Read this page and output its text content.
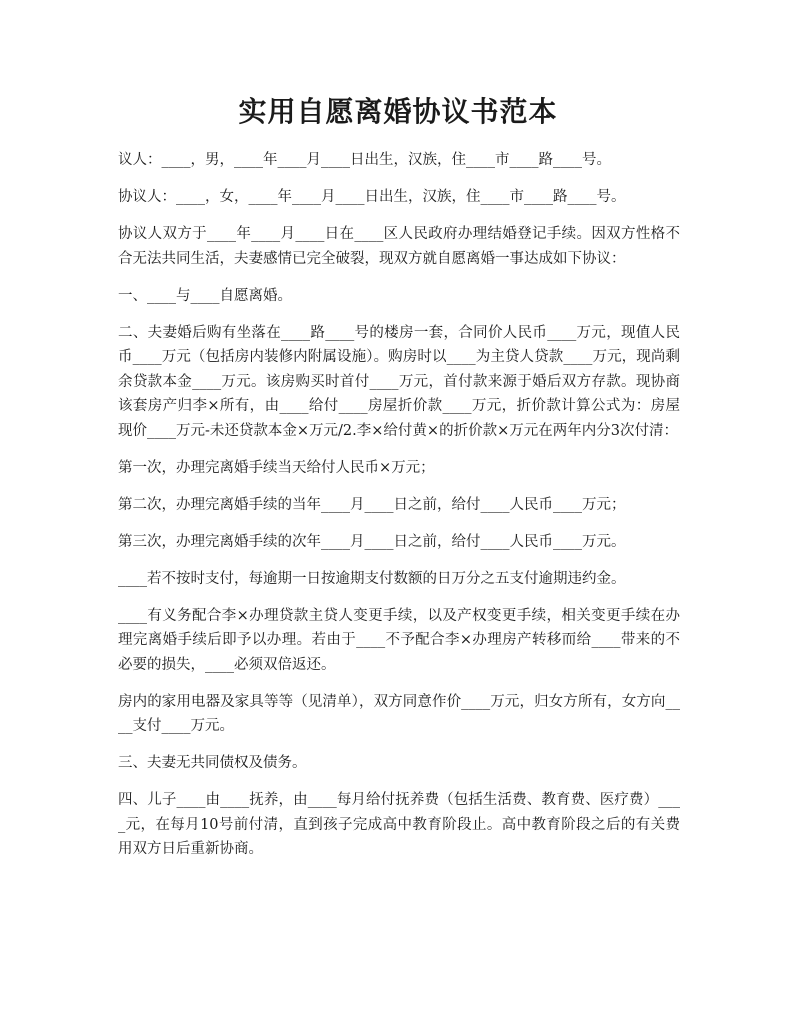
实用自愿离婚协议书范本

议人：____，男，____年____月____日出生，汉族，住____市____路____号。

协议人：____，女，____年____月____日出生，汉族，住____市____路____号。

协议人双方于____年____月____日在____区人民政府办理结婚登记手续。因双方性格不合无法共同生活，夫妻感情已完全破裂，现双方就自愿离婚一事达成如下协议：

一、____与____自愿离婚。

二、夫妻婚后购有坐落在____路____号的楼房一套，合同价人民币____万元，现值人民币____万元（包括房内装修内附属设施）。购房时以____为主贷人贷款____万元，现尚剩余贷款本金____万元。该房购买时首付____万元，首付款来源于婚后双方存款。现协商该套房产归李×所有，由____给付____房屋折价款____万元，折价款计算公式为：房屋现价____万元-未还贷款本金×万元/2.李×给付黄×的折价款×万元在两年内分3次付清：

第一次，办理完离婚手续当天给付人民币×万元；

第二次，办理完离婚手续的当年____月____日之前，给付____人民币____万元；

第三次，办理完离婚手续的次年____月____日之前，给付____人民币____万元。

____若不按时支付，每逾期一日按逾期支付数额的日万分之五支付逾期违约金。

____有义务配合李×办理贷款主贷人变更手续，以及产权变更手续，相关变更手续在办理完离婚手续后即予以办理。若由于____不予配合李×办理房产转移而给____带来的不必要的损失，____必须双倍返还。

房内的家用电器及家具等等（见清单），双方同意作价____万元，归女方所有，女方向____支付____万元。

三、夫妻无共同债权及债务。

四、儿子____由____抚养，由____每月给付抚养费（包括生活费、教育费、医疗费）____元，在每月10号前付清，直到孩子完成高中教育阶段止。高中教育阶段之后的有关费用双方日后重新协商。
